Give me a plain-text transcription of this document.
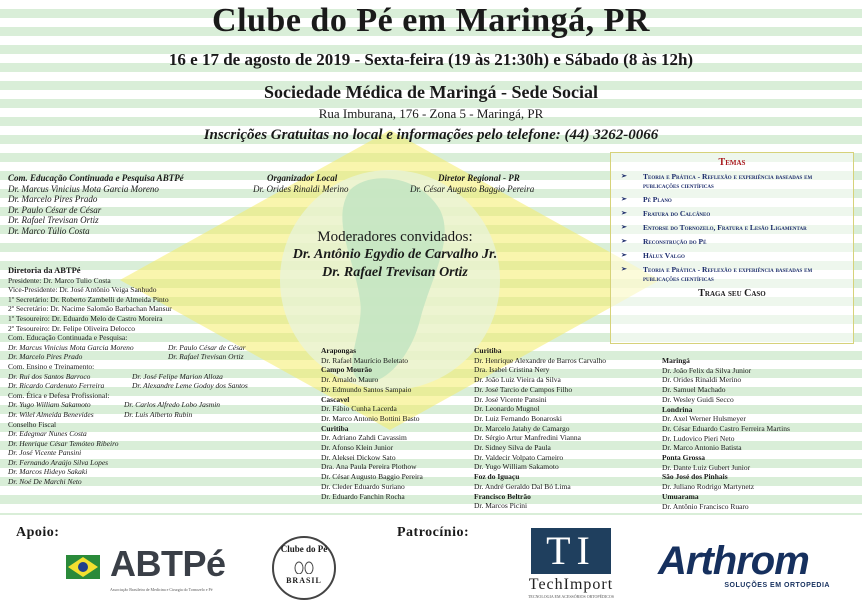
Clube do Pé em Maringá, PR
16 e 17 de agosto de 2019 - Sexta-feira (19 às 21:30h) e Sábado (8 às 12h)
Sociedade Médica de Maringá - Sede Social
Rua Imburana, 176 - Zona 5 - Maringá, PR
Inscrições Gratuitas no local e informações pelo telefone: (44) 3262-0066
Com. Educação Continuada e Pesquisa ABTPé
Dr. Marcus Vinicius Mota Garcia Moreno
Dr. Marcelo Pires Prado
Dr. Paulo César de César
Dr. Rafael Trevisan Ortiz
Dr. Marco Túlio Costa
Organizador Local
Dr. Orides Rinaldi Merino
Diretor Regional - PR
Dr. César Augusto Baggio Pereira
Moderadores convidados:
Dr. Antônio Egydio de Carvalho Jr.
Dr. Rafael Trevisan Ortiz
Temas
➢ Teoria e Prática - Reflexão e experiência baseadas em publicações científicas
➢ Pé Plano
➢ Fratura do Calcâneo
➢ Entorse do Tornozelo, Fratura e Lesão Ligamentar
➢ Reconstrução do Pé
➢ Hálux Valgo
➢ Teoria e Prática - Reflexão e experiência baseadas em publicações científicas
Traga seu Caso
Diretoria da ABTPé
Presidente: Dr. Marco Tulio Costa
Vice-Presidente: Dr. José Antônio Veiga Sanhudo
1º Secretário: Dr. Roberto Zambelli de Almeida Pinto
2º Secretário: Dr. Nacime Salomão Barbachan Mansur
1º Tesoureiro: Dr. Eduardo Melo de Castro Moreira
2º Tesoureiro: Dr. Felipe Oliveira Delocco
Com. Educação Continuada e Pesquisa:
Dr. Marcus Vinicius Mota Garcia Moreno	Dr. Paulo César de César
Dr. Marcelo Pires Prado	Dr. Rafael Trevisan Ortiz
Com. Ensino e Treinamento:
Dr. Rui dos Santos Barroco	Dr. José Felipe Marion Alloza
Dr. Ricardo Cardenuto Ferreira	Dr. Alexandre Leme Godoy dos Santos
Com. Ética e Defesa Profissional:
Dr. Yugo William Sakamoto	Dr. Carlos Alfredo Lobo Jasmin
Dr. Wilel Almeida Benevides	Dr. Luis Alberto Rubin
Conselho Fiscal
Dr. Edegmar Nunes Costa
Dr. Henrique César Temóteo Ribeiro
Dr. José Vicente Pansini
Dr. Fernando Araújo Silva Lopes
Dr. Marcos Hideyo Sakaki
Dr. Noé De Marchi Neto
Arapongas
Dr. Rafael Maurício Beletato
Campo Mourão
Dr. Arnaldo Mauro
Dr. Edmundo Santos Sampaio
Cascavel
Dr. Fábio Cunha Lacerda
Dr. Marco Antonio Bottini Basto
Curitiba
Dr. Adriano Zahdi Cavassim
Dr. Afonso Klein Junior
Dr. Aleksei Dickow Sato
Dra. Ana Paula Pereira Plothow
Dr. César Augusto Baggio Pereira
Dr. Cleder Eduardo Suriano
Dr. Eduardo Fanchin Rocha
Curitiba
Dr. Henrique Alexandre de Barros Carvalho
Dra. Isabel Cristina Nery
Dr. João Luiz Vieira da Silva
Dr. José Tarcio de Campos Filho
Dr. José Vicente Pansini
Dr. Leonardo Mugnol
Dr. Luiz Fernando Bonaroski
Dr. Marcelo Jatahy de Camargo
Dr. Sérgio Artur Manfredini Vianna
Dr. Sidney Silva de Paula
Dr. Valdecir Volpato Carneiro
Dr. Yugo William Sakamoto
Foz do Iguaçu
Dr. André Geraldo Dal Bó Lima
Francisco Beltrão
Dr. Marcos Picini
Maringá
Dr. João Felix da Silva Junior
Dr. Orides Rinaldi Merino
Dr. Samuel Machado
Dr. Wesley Guidi Secco
Londrina
Dr. Axel Werner Hulsmeyer
Dr. César Eduardo Castro Ferreira Martins
Dr. Ludovico Pieri Neto
Dr. Marco Antonio Batista
Ponta Grossa
Dr. Dante Luiz Gubert Junior
São José dos Pinhais
Dr. Juliano Rodrigo Martynetz
Umuarama
Dr. Antônio Francisco Ruaro
Apoio:	Patrocínio:
ABTPé
Associação Brasileira de Medicina e Cirurgia do Tornozelo e Pé
Clube do Pé
BRASIL
TI
TechImport
TECNOLOGIA EM ACESSÓRIOS ORTOPÉDICOS
Arthrom
SOLUÇÕES EM ORTOPEDIA
